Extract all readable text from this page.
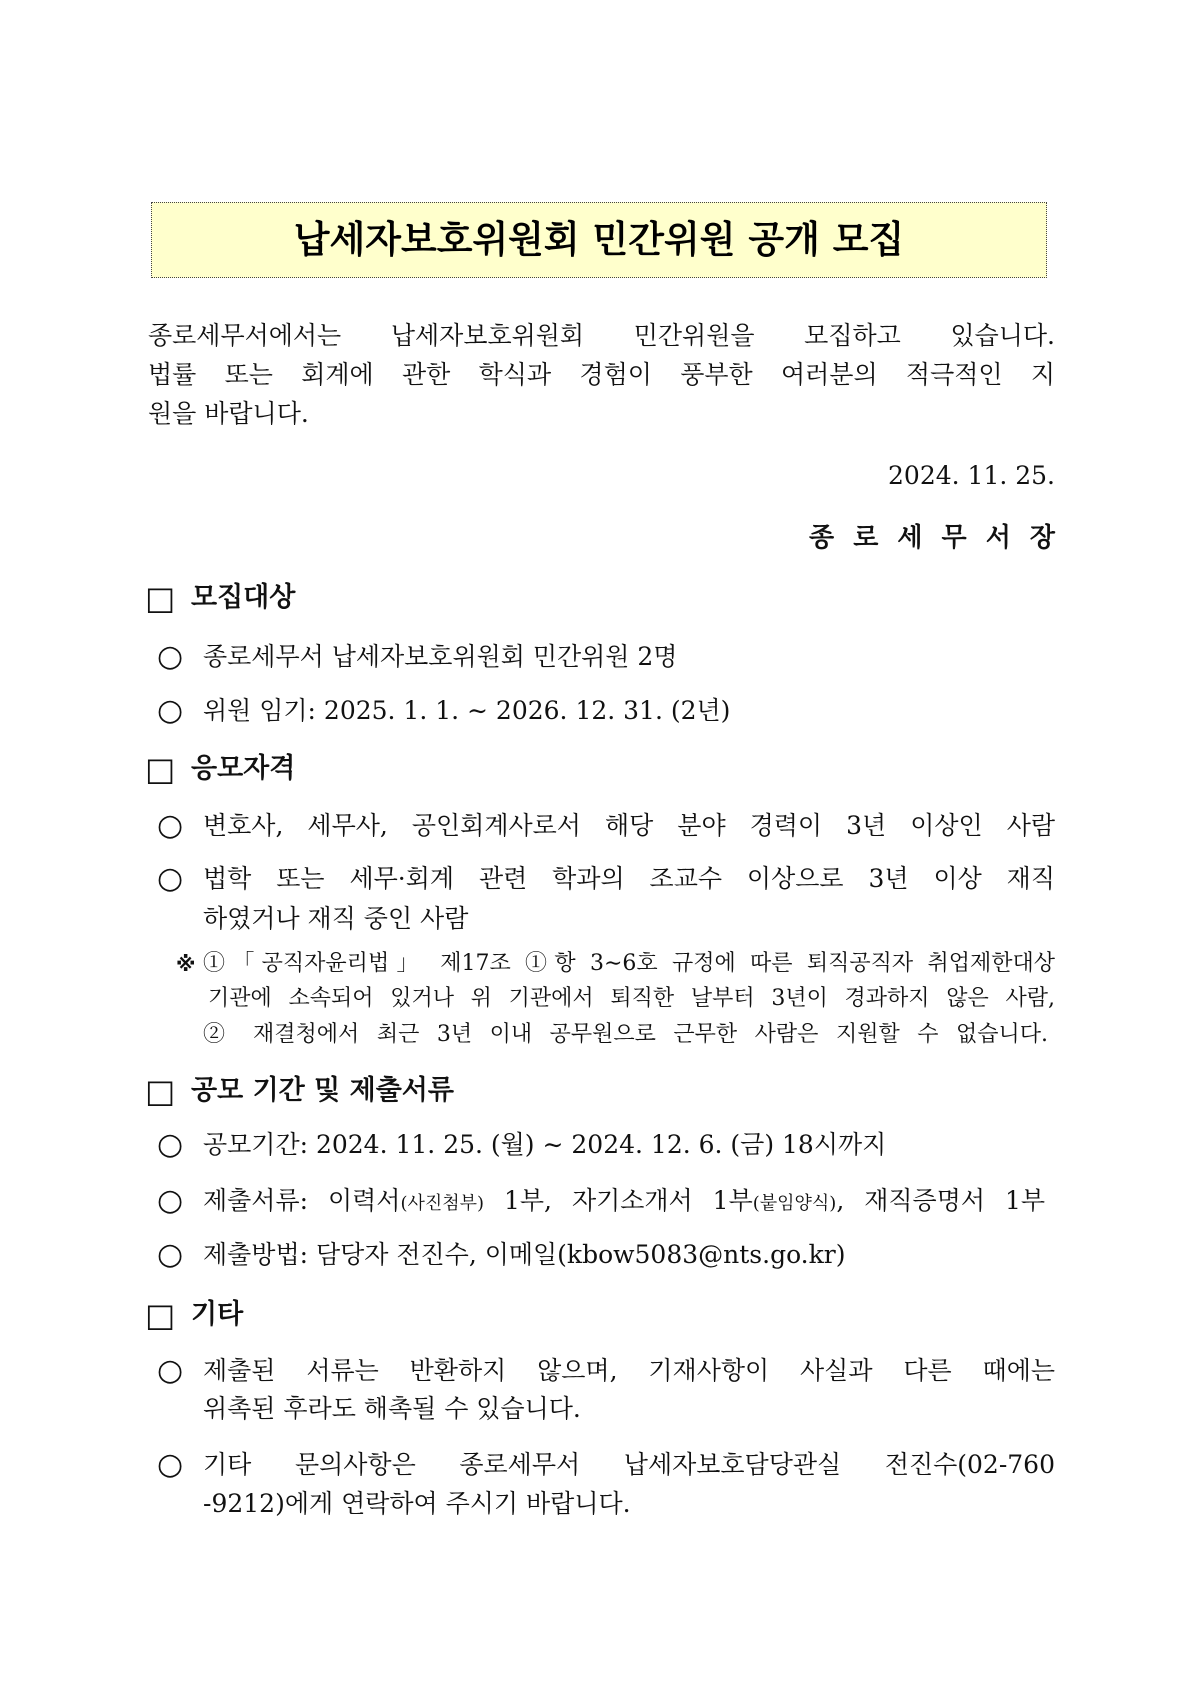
납세자보호위원회 민간위원 공개 모집
종로세무서에서는 납세자보호위원회 민간위원을 모집하고 있습니다.
법률 또는 회계에 관한 학식과 경험이 풍부한 여러분의 적극적인 지
원을 바랍니다.
2024. 11. 25.
종 로 세 무 서 장
□ 모집대상
○ 종로세무서 납세자보호위원회 민간위원 2명
○ 위원 임기: 2025. 1. 1. ∼ 2026. 12. 31. (2년)
□ 응모자격
○ 변호사, 세무사, 공인회계사로서 해당 분야 경력이 3년 이상인 사람
○ 법학 또는 세무·회계 관련 학과의 조교수 이상으로 3년 이상 재직
하였거나 재직 중인 사람
※ ①「공직자윤리법」 제17조 ①항 3∼6호 규정에 따른 퇴직공직자 취업제한대상
기관에 소속되어 있거나 위 기관에서 퇴직한 날부터 3년이 경과하지 않은 사람,
② 재결청에서 최근 3년 이내 공무원으로 근무한 사람은 지원할 수 없습니다.
□ 공모 기간 및 제출서류
○ 공모기간: 2024. 11. 25. (월) ∼ 2024. 12. 6. (금) 18시까지
○ 제출서류: 이력서(사진첨부) 1부, 자기소개서 1부(붙임양식), 재직증명서 1부
○ 제출방법: 담당자 전진수, 이메일(kbow5083@nts.go.kr)
□ 기타
○ 제출된 서류는 반환하지 않으며, 기재사항이 사실과 다른 때에는
위촉된 후라도 해촉될 수 있습니다.
○ 기타 문의사항은 종로세무서 납세자보호담당관실 전진수(02-760
-9212)에게 연락하여 주시기 바랍니다.
